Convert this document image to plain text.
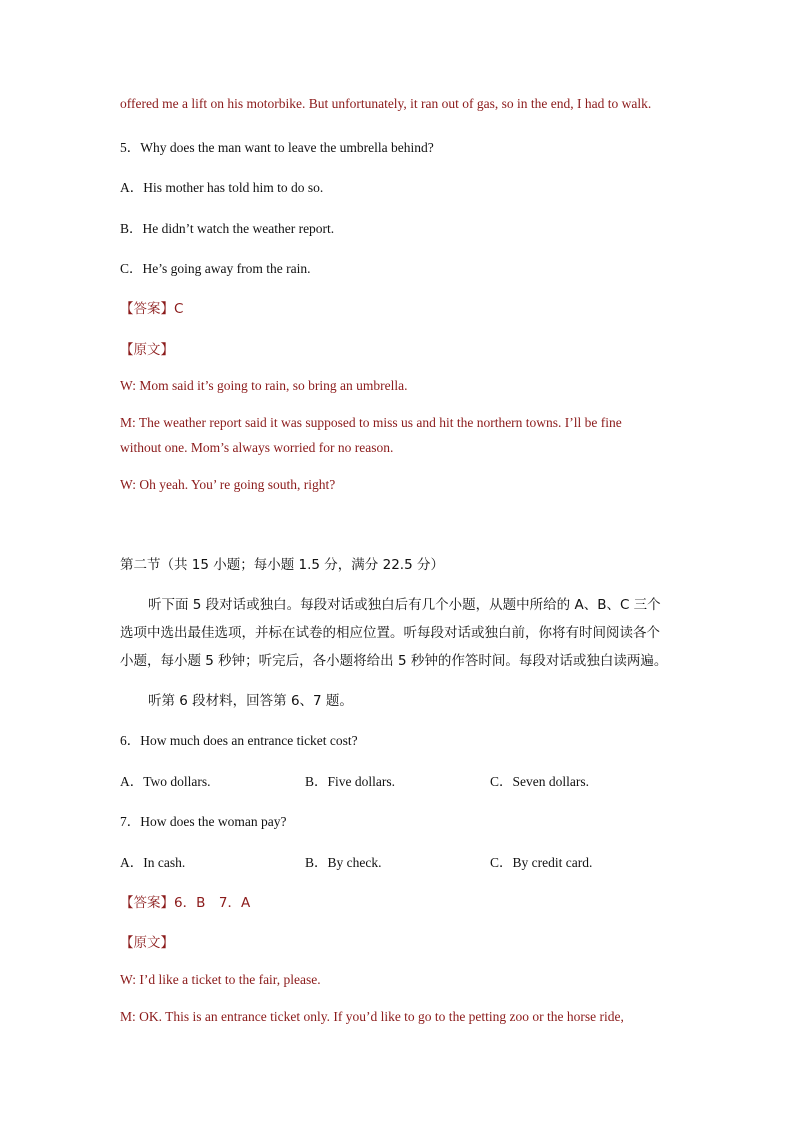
offered me a lift on his motorbike. But unfortunately, it ran out of gas, so in the end, I had to walk.
5．Why does the man want to leave the umbrella behind?
A．His mother has told him to do so.
B．He didn’t watch the weather report.
C．He’s going away from the rain.
【答案】C
【原文】
W: Mom said it’s going to rain, so bring an umbrella.
M: The weather report said it was supposed to miss us and hit the northern towns. I’ll be fine
without one. Mom’s always worried for no reason.
W: Oh yeah. You’ re going south, right?
第二节（共 15 小题；每小题 1.5 分，满分 22.5 分）
听下面 5 段对话或独白。每段对话或独白后有几个小题，从题中所给的 A、B、C 三个
选项中选出最佳选项，并标在试卷的相应位置。听每段对话或独白前，你将有时间阅读各个
小题，每小题 5 秒钟；听完后，各小题将给出 5 秒钟的作答时间。每段对话或独白读两遍。
听第 6 段材料，回答第 6、7 题。
6．How much does an entrance ticket cost?
A．Two dollars.	B．Five dollars.	C．Seven dollars.
7．How does the woman pay?
A．In cash.	B．By check.	C．By credit card.
【答案】6．B　7．A
【原文】
W: I’d like a ticket to the fair, please.
M: OK. This is an entrance ticket only. If you’d like to go to the petting zoo or the horse ride,
